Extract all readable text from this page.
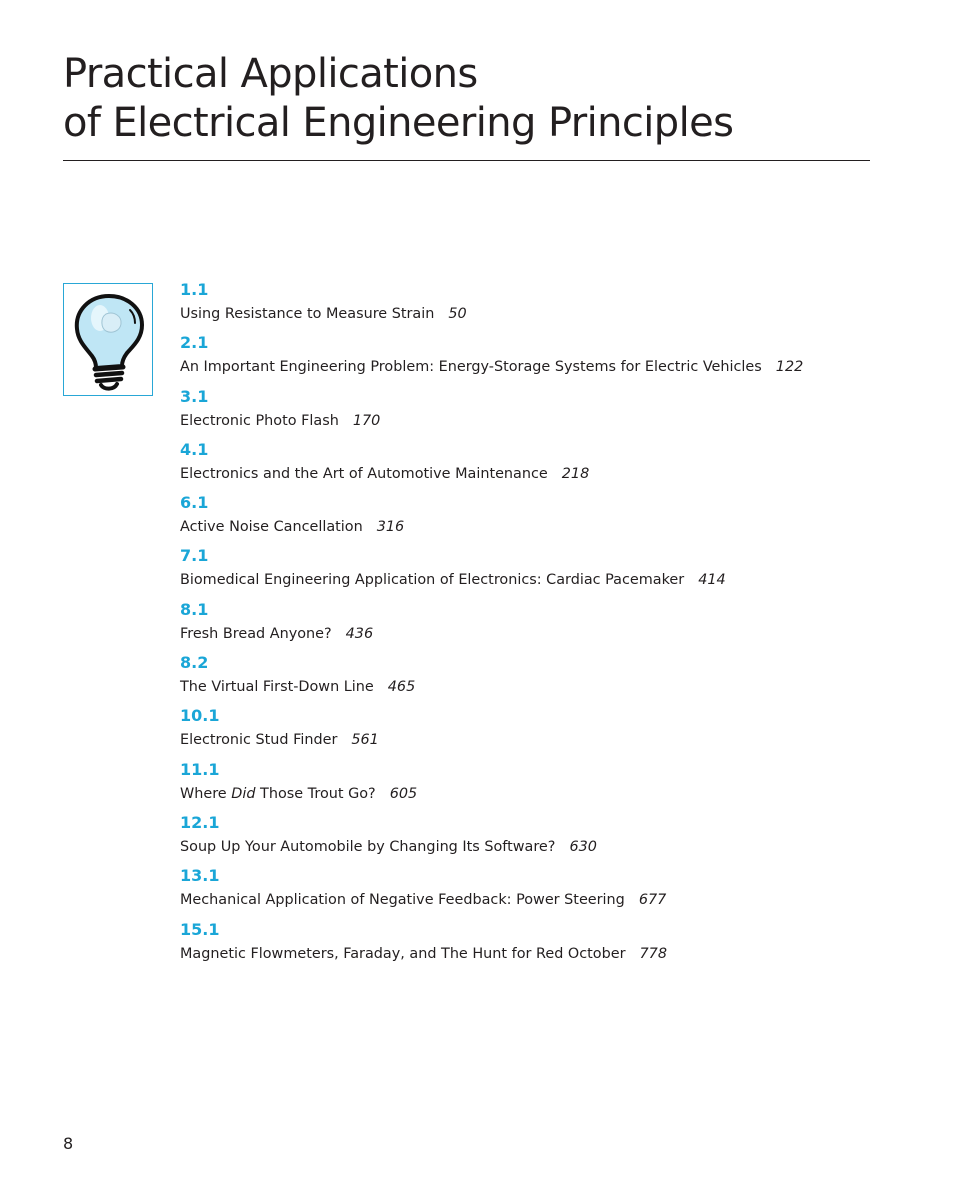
Practical Applications
of Electrical Engineering Principles
1.1
Using Resistance to Measure Strain 50
2.1
An Important Engineering Problem: Energy-Storage Systems for Electric Vehicles 122
3.1
Electronic Photo Flash 170
4.1
Electronics and the Art of Automotive Maintenance 218
6.1
Active Noise Cancellation 316
7.1
Biomedical Engineering Application of Electronics: Cardiac Pacemaker 414
8.1
Fresh Bread Anyone? 436
8.2
The Virtual First-Down Line 465
10.1
Electronic Stud Finder 561
11.1
Where Did Those Trout Go? 605
12.1
Soup Up Your Automobile by Changing Its Software? 630
13.1
Mechanical Application of Negative Feedback: Power Steering 677
15.1
Magnetic Flowmeters, Faraday, and The Hunt for Red October 778
8
